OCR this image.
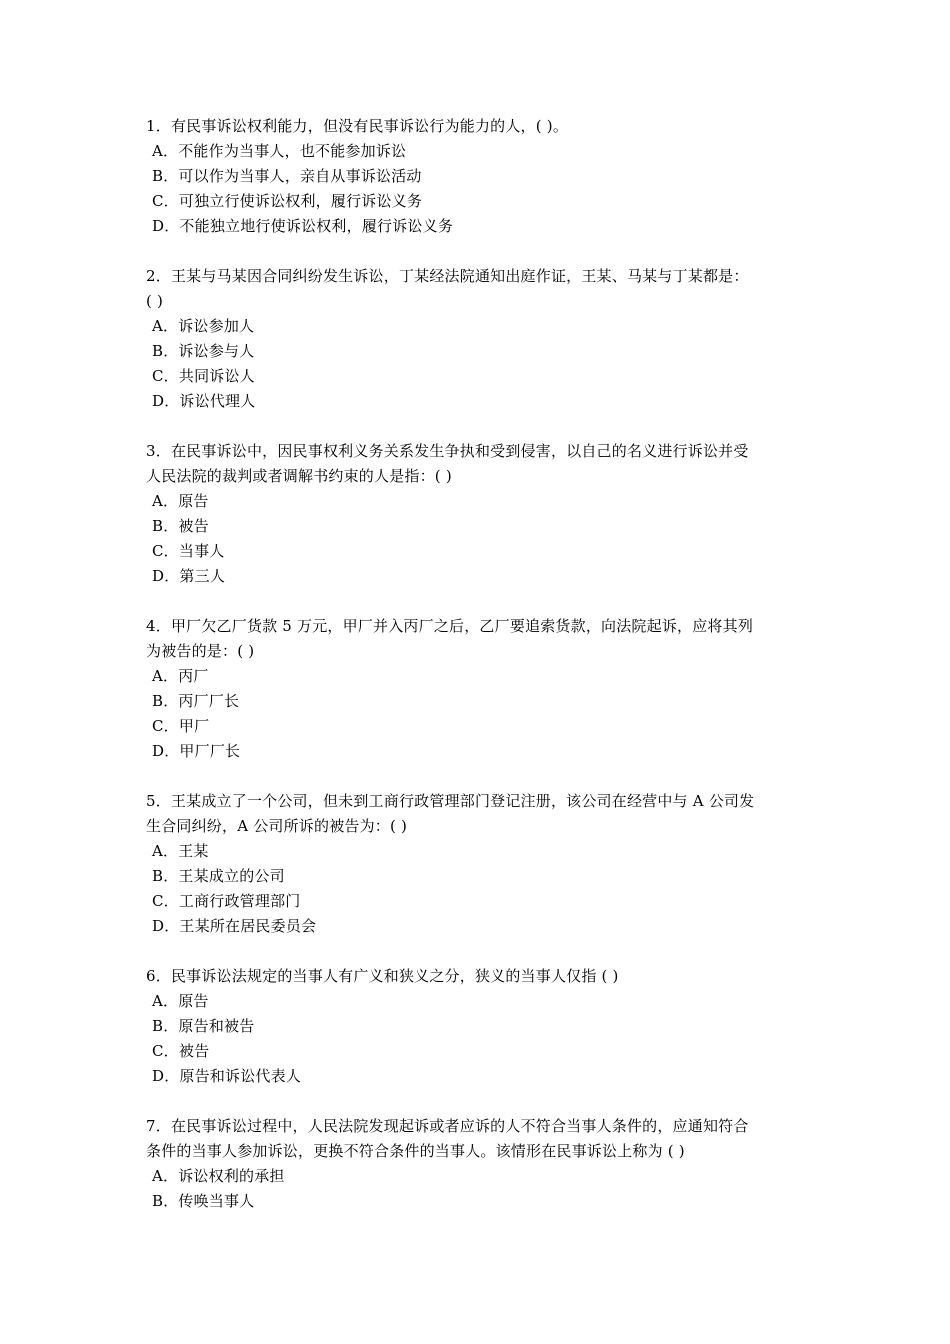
1．有民事诉讼权利能力，但没有民事诉讼行为能力的人，( )。
A．不能作为当事人，也不能参加诉讼
B．可以作为当事人，亲自从事诉讼活动
C．可独立行使诉讼权利，履行诉讼义务
D．不能独立地行使诉讼权利，履行诉讼义务
2．王某与马某因合同纠纷发生诉讼，丁某经法院通知出庭作证，王某、马某与丁某都是：
( )
A．诉讼参加人
B．诉讼参与人
C．共同诉讼人
D．诉讼代理人
3．在民事诉讼中，因民事权利义务关系发生争执和受到侵害，以自己的名义进行诉讼并受
人民法院的裁判或者调解书约束的人是指：( )
A．原告
B．被告
C．当事人
D．第三人
4．甲厂欠乙厂货款 5 万元，甲厂并入丙厂之后，乙厂要追索货款，向法院起诉，应将其列
为被告的是：( )
A．丙厂
B．丙厂厂长
C．甲厂
D．甲厂厂长
5．王某成立了一个公司，但未到工商行政管理部门登记注册，该公司在经营中与 A 公司发
生合同纠纷，A 公司所诉的被告为：( )
A．王某
B．王某成立的公司
C．工商行政管理部门
D．王某所在居民委员会
6．民事诉讼法规定的当事人有广义和狭义之分，狭义的当事人仅指 ( )
A．原告
B．原告和被告
C．被告
D．原告和诉讼代表人
7．在民事诉讼过程中，人民法院发现起诉或者应诉的人不符合当事人条件的，应通知符合
条件的当事人参加诉讼，更换不符合条件的当事人。该情形在民事诉讼上称为 ( )
A．诉讼权利的承担
B．传唤当事人
